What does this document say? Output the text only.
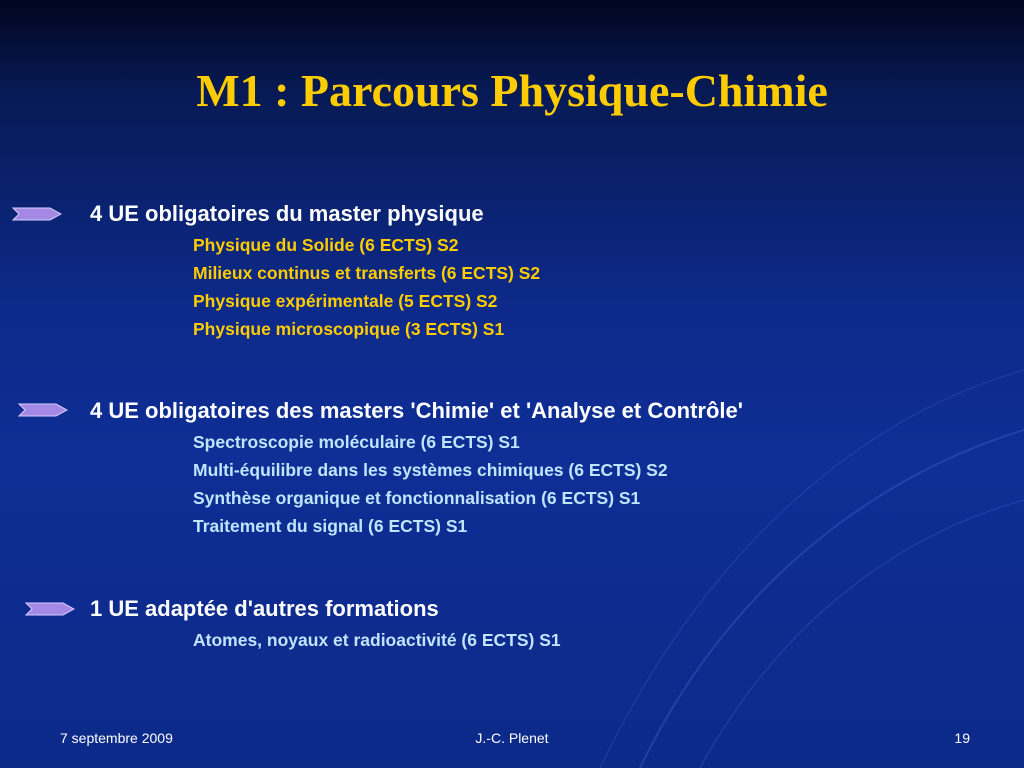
M1 : Parcours Physique-Chimie
4 UE obligatoires du master physique
Physique du Solide (6 ECTS) S2
Milieux continus et transferts (6 ECTS) S2
Physique expérimentale (5 ECTS) S2
Physique microscopique (3 ECTS) S1
4 UE obligatoires des masters 'Chimie' et 'Analyse et Contrôle'
Spectroscopie moléculaire (6 ECTS) S1
Multi-équilibre dans les systèmes chimiques (6 ECTS) S2
Synthèse organique et fonctionnalisation (6 ECTS) S1
Traitement du signal (6 ECTS) S1
1 UE adaptée d'autres formations
Atomes, noyaux et radioactivité (6 ECTS) S1
7 septembre 2009	J.-C. Plenet	19
